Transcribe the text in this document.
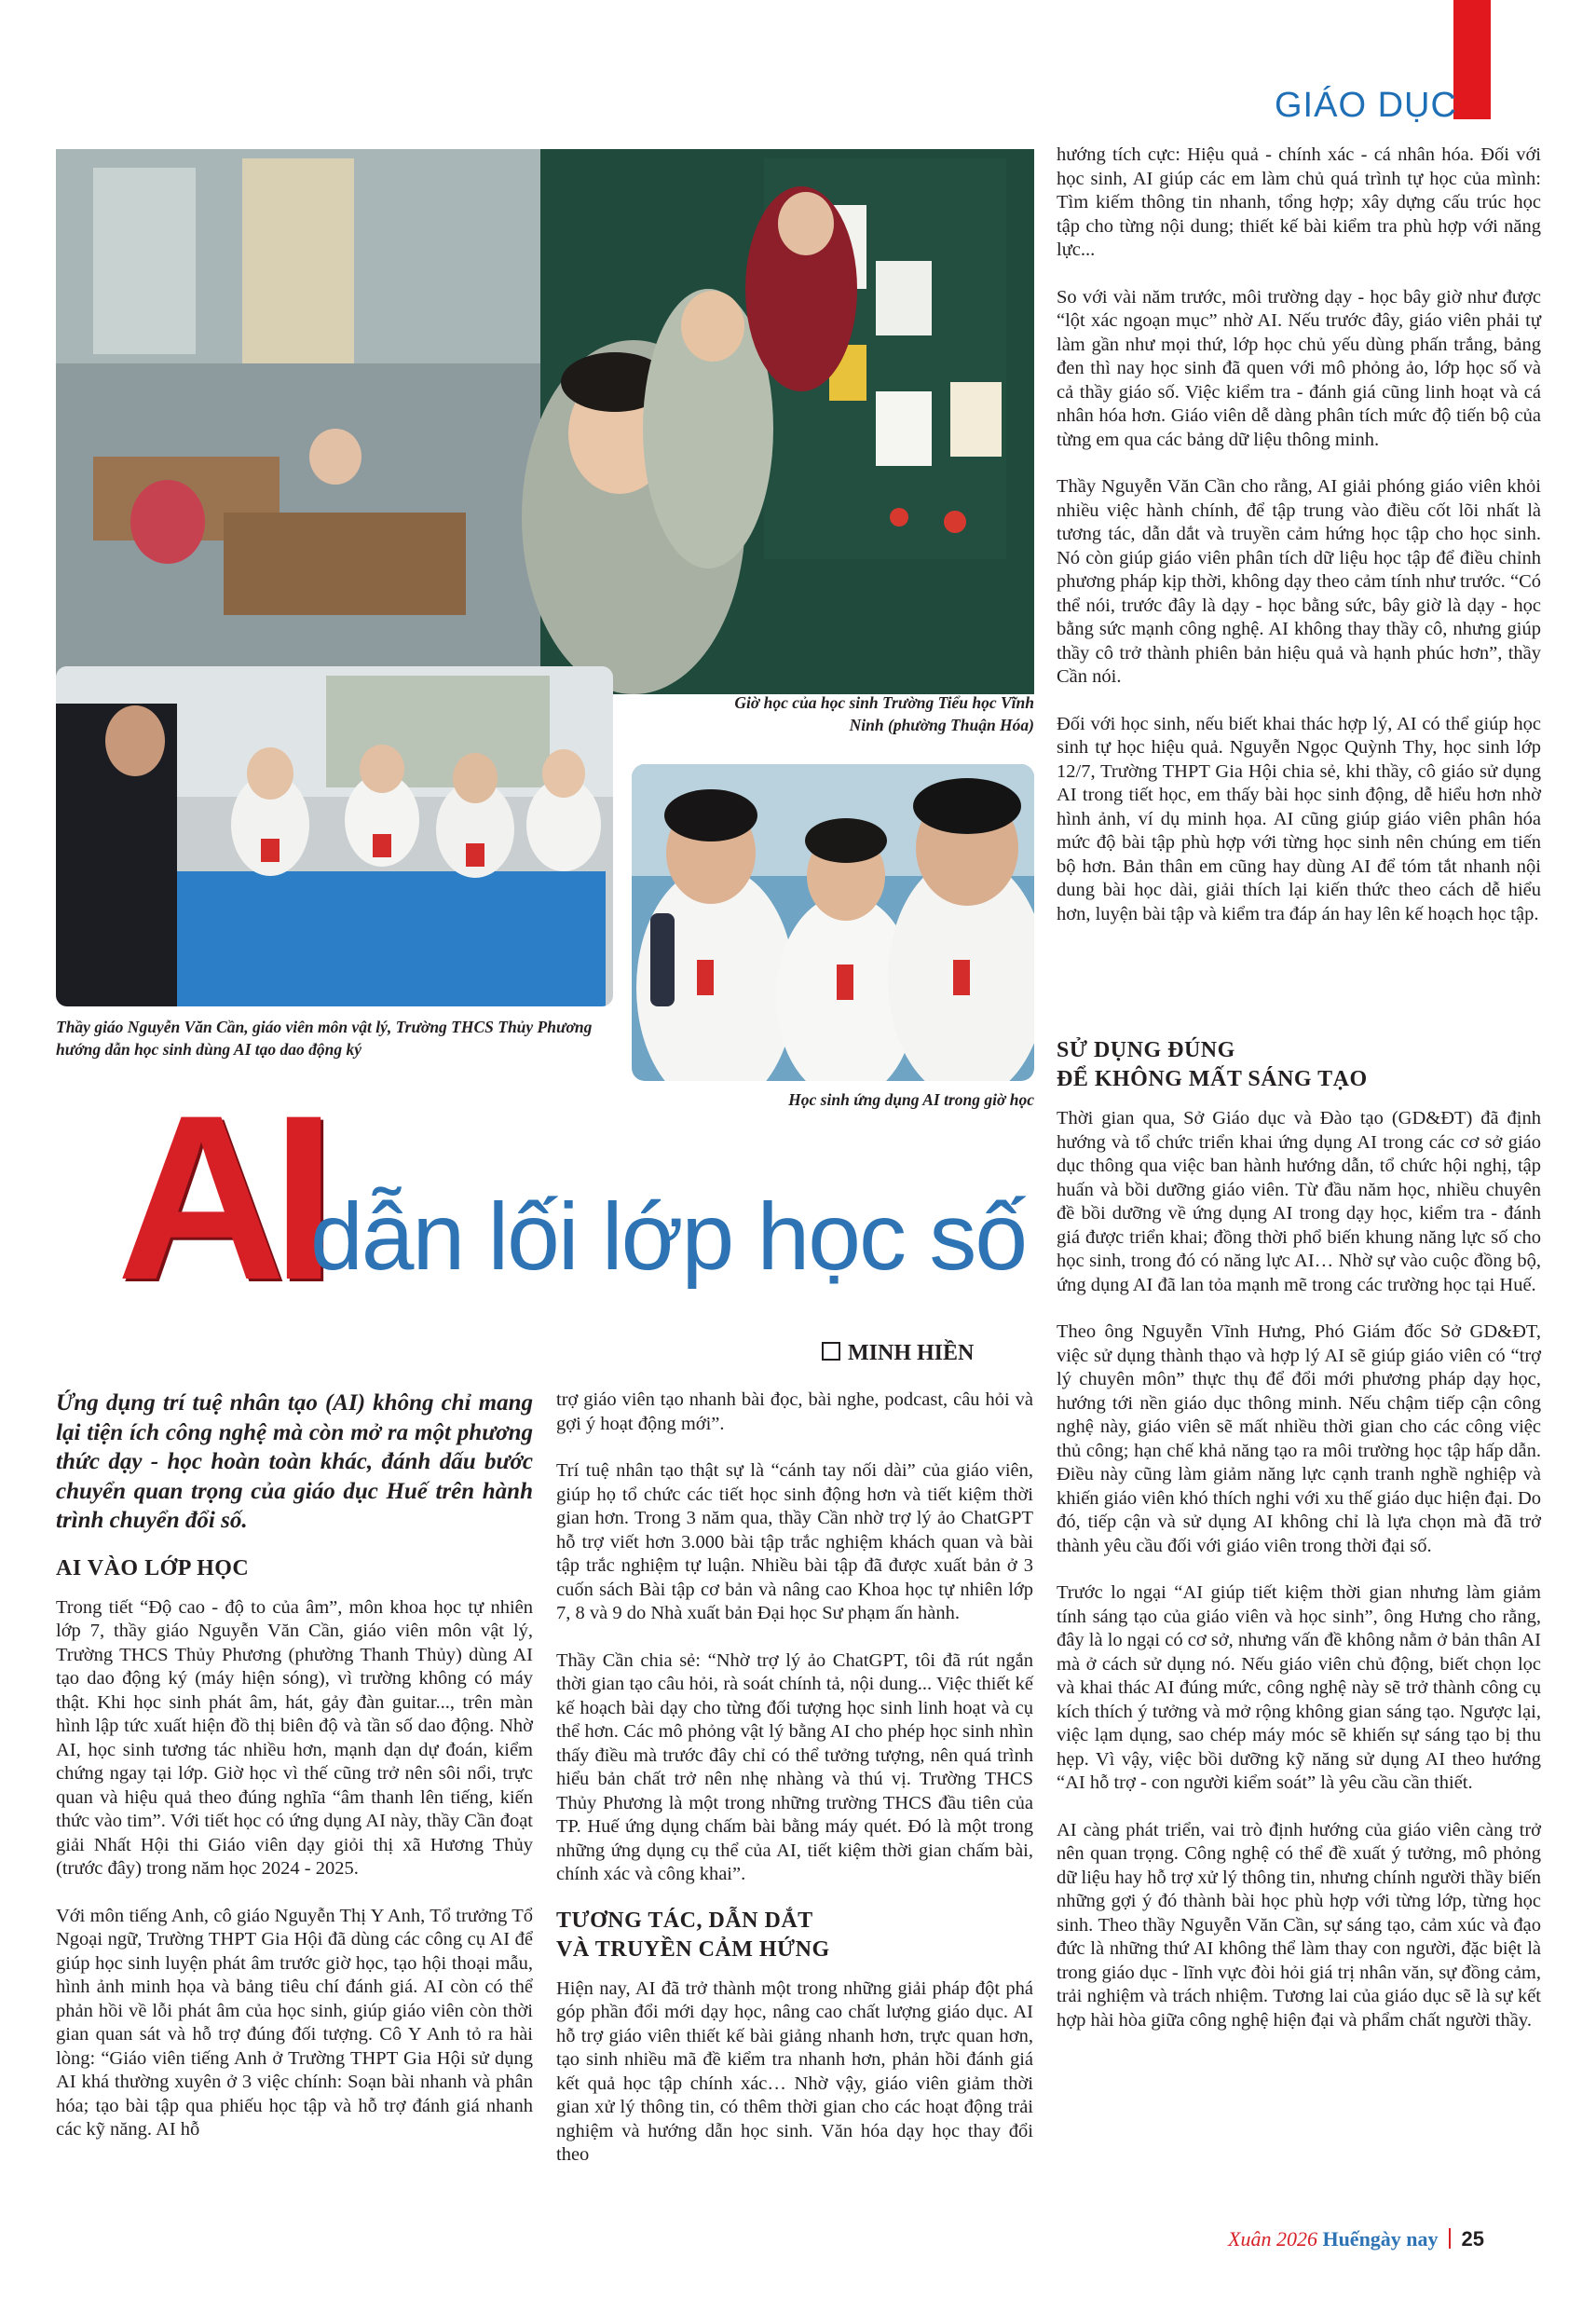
GIÁO DỤC
Giờ học của học sinh Trường Tiểu học Vĩnh Ninh (phường Thuận Hóa)
Thầy giáo Nguyễn Văn Cần, giáo viên môn vật lý, Trường THCS Thủy Phương hướng dẫn học sinh dùng AI tạo dao động ký
Học sinh ứng dụng AI trong giờ học
AI
dẫn lối lớp học số
MINH HIỀN
Ứng dụng trí tuệ nhân tạo (AI) không chỉ mang lại tiện ích công nghệ mà còn mở ra một phương thức dạy - học hoàn toàn khác, đánh dấu bước chuyển quan trọng của giáo dục Huế trên hành trình chuyển đổi số.
AI VÀO LỚP HỌC

Trong tiết “Độ cao - độ to của âm”, môn khoa học tự nhiên lớp 7, thầy giáo Nguyễn Văn Cần, giáo viên môn vật lý, Trường THCS Thủy Phương (phường Thanh Thủy) dùng AI tạo dao động ký (máy hiện sóng), vì trường không có máy thật. Khi học sinh phát âm, hát, gảy đàn guitar..., trên màn hình lập tức xuất hiện đồ thị biên độ và tần số dao động. Nhờ AI, học sinh tương tác nhiều hơn, mạnh dạn dự đoán, kiểm chứng ngay tại lớp. Giờ học vì thế cũng trở nên sôi nổi, trực quan và hiệu quả theo đúng nghĩa “âm thanh lên tiếng, kiến thức vào tim”. Với tiết học có ứng dụng AI này, thầy Cần đoạt giải Nhất Hội thi Giáo viên dạy giỏi thị xã Hương Thủy (trước đây) trong năm học 2024 - 2025.

Với môn tiếng Anh, cô giáo Nguyễn Thị Y Anh, Tổ trưởng Tổ Ngoại ngữ, Trường THPT Gia Hội đã dùng các công cụ AI để giúp học sinh luyện phát âm trước giờ học, tạo hội thoại mẫu, hình ảnh minh họa và bảng tiêu chí đánh giá. AI còn có thể phản hồi về lỗi phát âm của học sinh, giúp giáo viên còn thời gian quan sát và hỗ trợ đúng đối tượng. Cô Y Anh tỏ ra hài lòng: “Giáo viên tiếng Anh ở Trường THPT Gia Hội sử dụng AI khá thường xuyên ở 3 việc chính: Soạn bài nhanh và phân hóa; tạo bài tập qua phiếu học tập và hỗ trợ đánh giá nhanh các kỹ năng. AI hỗ

trợ giáo viên tạo nhanh bài đọc, bài nghe, podcast, câu hỏi và gợi ý hoạt động mới”.

Trí tuệ nhân tạo thật sự là “cánh tay nối dài” của giáo viên, giúp họ tổ chức các tiết học sinh động hơn và tiết kiệm thời gian hơn. Trong 3 năm qua, thầy Cần nhờ trợ lý ảo ChatGPT hỗ trợ viết hơn 3.000 bài tập trắc nghiệm khách quan và bài tập trắc nghiệm tự luận. Nhiều bài tập đã được xuất bản ở 3 cuốn sách Bài tập cơ bản và nâng cao Khoa học tự nhiên lớp 7, 8 và 9 do Nhà xuất bản Đại học Sư phạm ấn hành.

Thầy Cần chia sẻ: “Nhờ trợ lý ảo ChatGPT, tôi đã rút ngắn thời gian tạo câu hỏi, rà soát chính tả, nội dung... Việc thiết kế kế hoạch bài dạy cho từng đối tượng học sinh linh hoạt và cụ thể hơn. Các mô phỏng vật lý bằng AI cho phép học sinh nhìn thấy điều mà trước đây chỉ có thể tưởng tượng, nên quá trình hiểu bản chất trở nên nhẹ nhàng và thú vị. Trường THCS Thủy Phương là một trong những trường THCS đầu tiên của TP. Huế ứng dụng chấm bài bằng máy quét. Đó là một trong những ứng dụng cụ thể của AI, tiết kiệm thời gian chấm bài, chính xác và công khai”.

TƯƠNG TÁC, DẪN DẮT
VÀ TRUYỀN CẢM HỨNG

Hiện nay, AI đã trở thành một trong những giải pháp đột phá góp phần đổi mới dạy học, nâng cao chất lượng giáo dục. AI hỗ trợ giáo viên thiết kế bài giảng nhanh hơn, trực quan hơn, tạo sinh nhiều mã đề kiểm tra nhanh hơn, phản hồi đánh giá kết quả học tập chính xác… Nhờ vậy, giáo viên giảm thời gian xử lý thông tin, có thêm thời gian cho các hoạt động trải nghiệm và hướng dẫn học sinh. Văn hóa dạy học thay đổi theo

hướng tích cực: Hiệu quả - chính xác - cá nhân hóa. Đối với học sinh, AI giúp các em làm chủ quá trình tự học của mình: Tìm kiếm thông tin nhanh, tổng hợp; xây dựng cấu trúc học tập cho từng nội dung; thiết kế bài kiểm tra phù hợp với năng lực...

So với vài năm trước, môi trường dạy - học bây giờ như được “lột xác ngoạn mục” nhờ AI. Nếu trước đây, giáo viên phải tự làm gần như mọi thứ, lớp học chủ yếu dùng phấn trắng, bảng đen thì nay học sinh đã quen với mô phỏng ảo, lớp học số và cả thầy giáo số. Việc kiểm tra - đánh giá cũng linh hoạt và cá nhân hóa hơn. Giáo viên dễ dàng phân tích mức độ tiến bộ của từng em qua các bảng dữ liệu thông minh.

Thầy Nguyễn Văn Cần cho rằng, AI giải phóng giáo viên khỏi nhiều việc hành chính, để tập trung vào điều cốt lõi nhất là tương tác, dẫn dắt và truyền cảm hứng học tập cho học sinh. Nó còn giúp giáo viên phân tích dữ liệu học tập để điều chỉnh phương pháp kịp thời, không dạy theo cảm tính như trước. “Có thể nói, trước đây là dạy - học bằng sức, bây giờ là dạy - học bằng sức mạnh công nghệ. AI không thay thầy cô, nhưng giúp thầy cô trở thành phiên bản hiệu quả và hạnh phúc hơn”, thầy Cần nói.

Đối với học sinh, nếu biết khai thác hợp lý, AI có thể giúp học sinh tự học hiệu quả. Nguyễn Ngọc Quỳnh Thy, học sinh lớp 12/7, Trường THPT Gia Hội chia sẻ, khi thầy, cô giáo sử dụng AI trong tiết học, em thấy bài học sinh động, dễ hiểu hơn nhờ hình ảnh, ví dụ minh họa. AI cũng giúp giáo viên phân hóa mức độ bài tập phù hợp với từng học sinh nên chúng em tiến bộ hơn. Bản thân em cũng hay dùng AI để tóm tắt nhanh nội dung bài học dài, giải thích lại kiến thức theo cách dễ hiểu hơn, luyện bài tập và kiểm tra đáp án hay lên kế hoạch học tập.

SỬ DỤNG ĐÚNG
ĐỂ KHÔNG MẤT SÁNG TẠO

Thời gian qua, Sở Giáo dục và Đào tạo (GD&ĐT) đã định hướng và tổ chức triển khai ứng dụng AI trong các cơ sở giáo dục thông qua việc ban hành hướng dẫn, tổ chức hội nghị, tập huấn và bồi dưỡng giáo viên. Từ đầu năm học, nhiều chuyên đề bồi dưỡng về ứng dụng AI trong dạy học, kiểm tra - đánh giá được triển khai; đồng thời phổ biến khung năng lực số cho học sinh, trong đó có năng lực AI… Nhờ sự vào cuộc đồng bộ, ứng dụng AI đã lan tỏa mạnh mẽ trong các trường học tại Huế.

Theo ông Nguyễn Vĩnh Hưng, Phó Giám đốc Sở GD&ĐT, việc sử dụng thành thạo và hợp lý AI sẽ giúp giáo viên có “trợ lý chuyên môn” thực thụ để đổi mới phương pháp dạy học, hướng tới nền giáo dục thông minh. Nếu chậm tiếp cận công nghệ này, giáo viên sẽ mất nhiều thời gian cho các công việc thủ công; hạn chế khả năng tạo ra môi trường học tập hấp dẫn. Điều này cũng làm giảm năng lực cạnh tranh nghề nghiệp và khiến giáo viên khó thích nghi với xu thế giáo dục hiện đại. Do đó, tiếp cận và sử dụng AI không chỉ là lựa chọn mà đã trở thành yêu cầu đối với giáo viên trong thời đại số.

Trước lo ngại “AI giúp tiết kiệm thời gian nhưng làm giảm tính sáng tạo của giáo viên và học sinh”, ông Hưng cho rằng, đây là lo ngại có cơ sở, nhưng vấn đề không nằm ở bản thân AI mà ở cách sử dụng nó. Nếu giáo viên chủ động, biết chọn lọc và khai thác AI đúng mức, công nghệ này sẽ trở thành công cụ kích thích ý tưởng và mở rộng không gian sáng tạo. Ngược lại, việc lạm dụng, sao chép máy móc sẽ khiến sự sáng tạo bị thu hẹp. Vì vậy, việc bồi dưỡng kỹ năng sử dụng AI theo hướng “AI hỗ trợ - con người kiểm soát” là yêu cầu cần thiết.

AI càng phát triển, vai trò định hướng của giáo viên càng trở nên quan trọng. Công nghệ có thể đề xuất ý tưởng, mô phỏng dữ liệu hay hỗ trợ xử lý thông tin, nhưng chính người thầy biến những gợi ý đó thành bài học phù hợp với từng lớp, từng học sinh. Theo thầy Nguyễn Văn Cần, sự sáng tạo, cảm xúc và đạo đức là những thứ AI không thể làm thay con người, đặc biệt là trong giáo dục - lĩnh vực đòi hỏi giá trị nhân văn, sự đồng cảm, trải nghiệm và trách nhiệm. Tương lai của giáo dục sẽ là sự kết hợp hài hòa giữa công nghệ hiện đại và phẩm chất người thầy.

Xuân 2026 Huếngày nay 25
